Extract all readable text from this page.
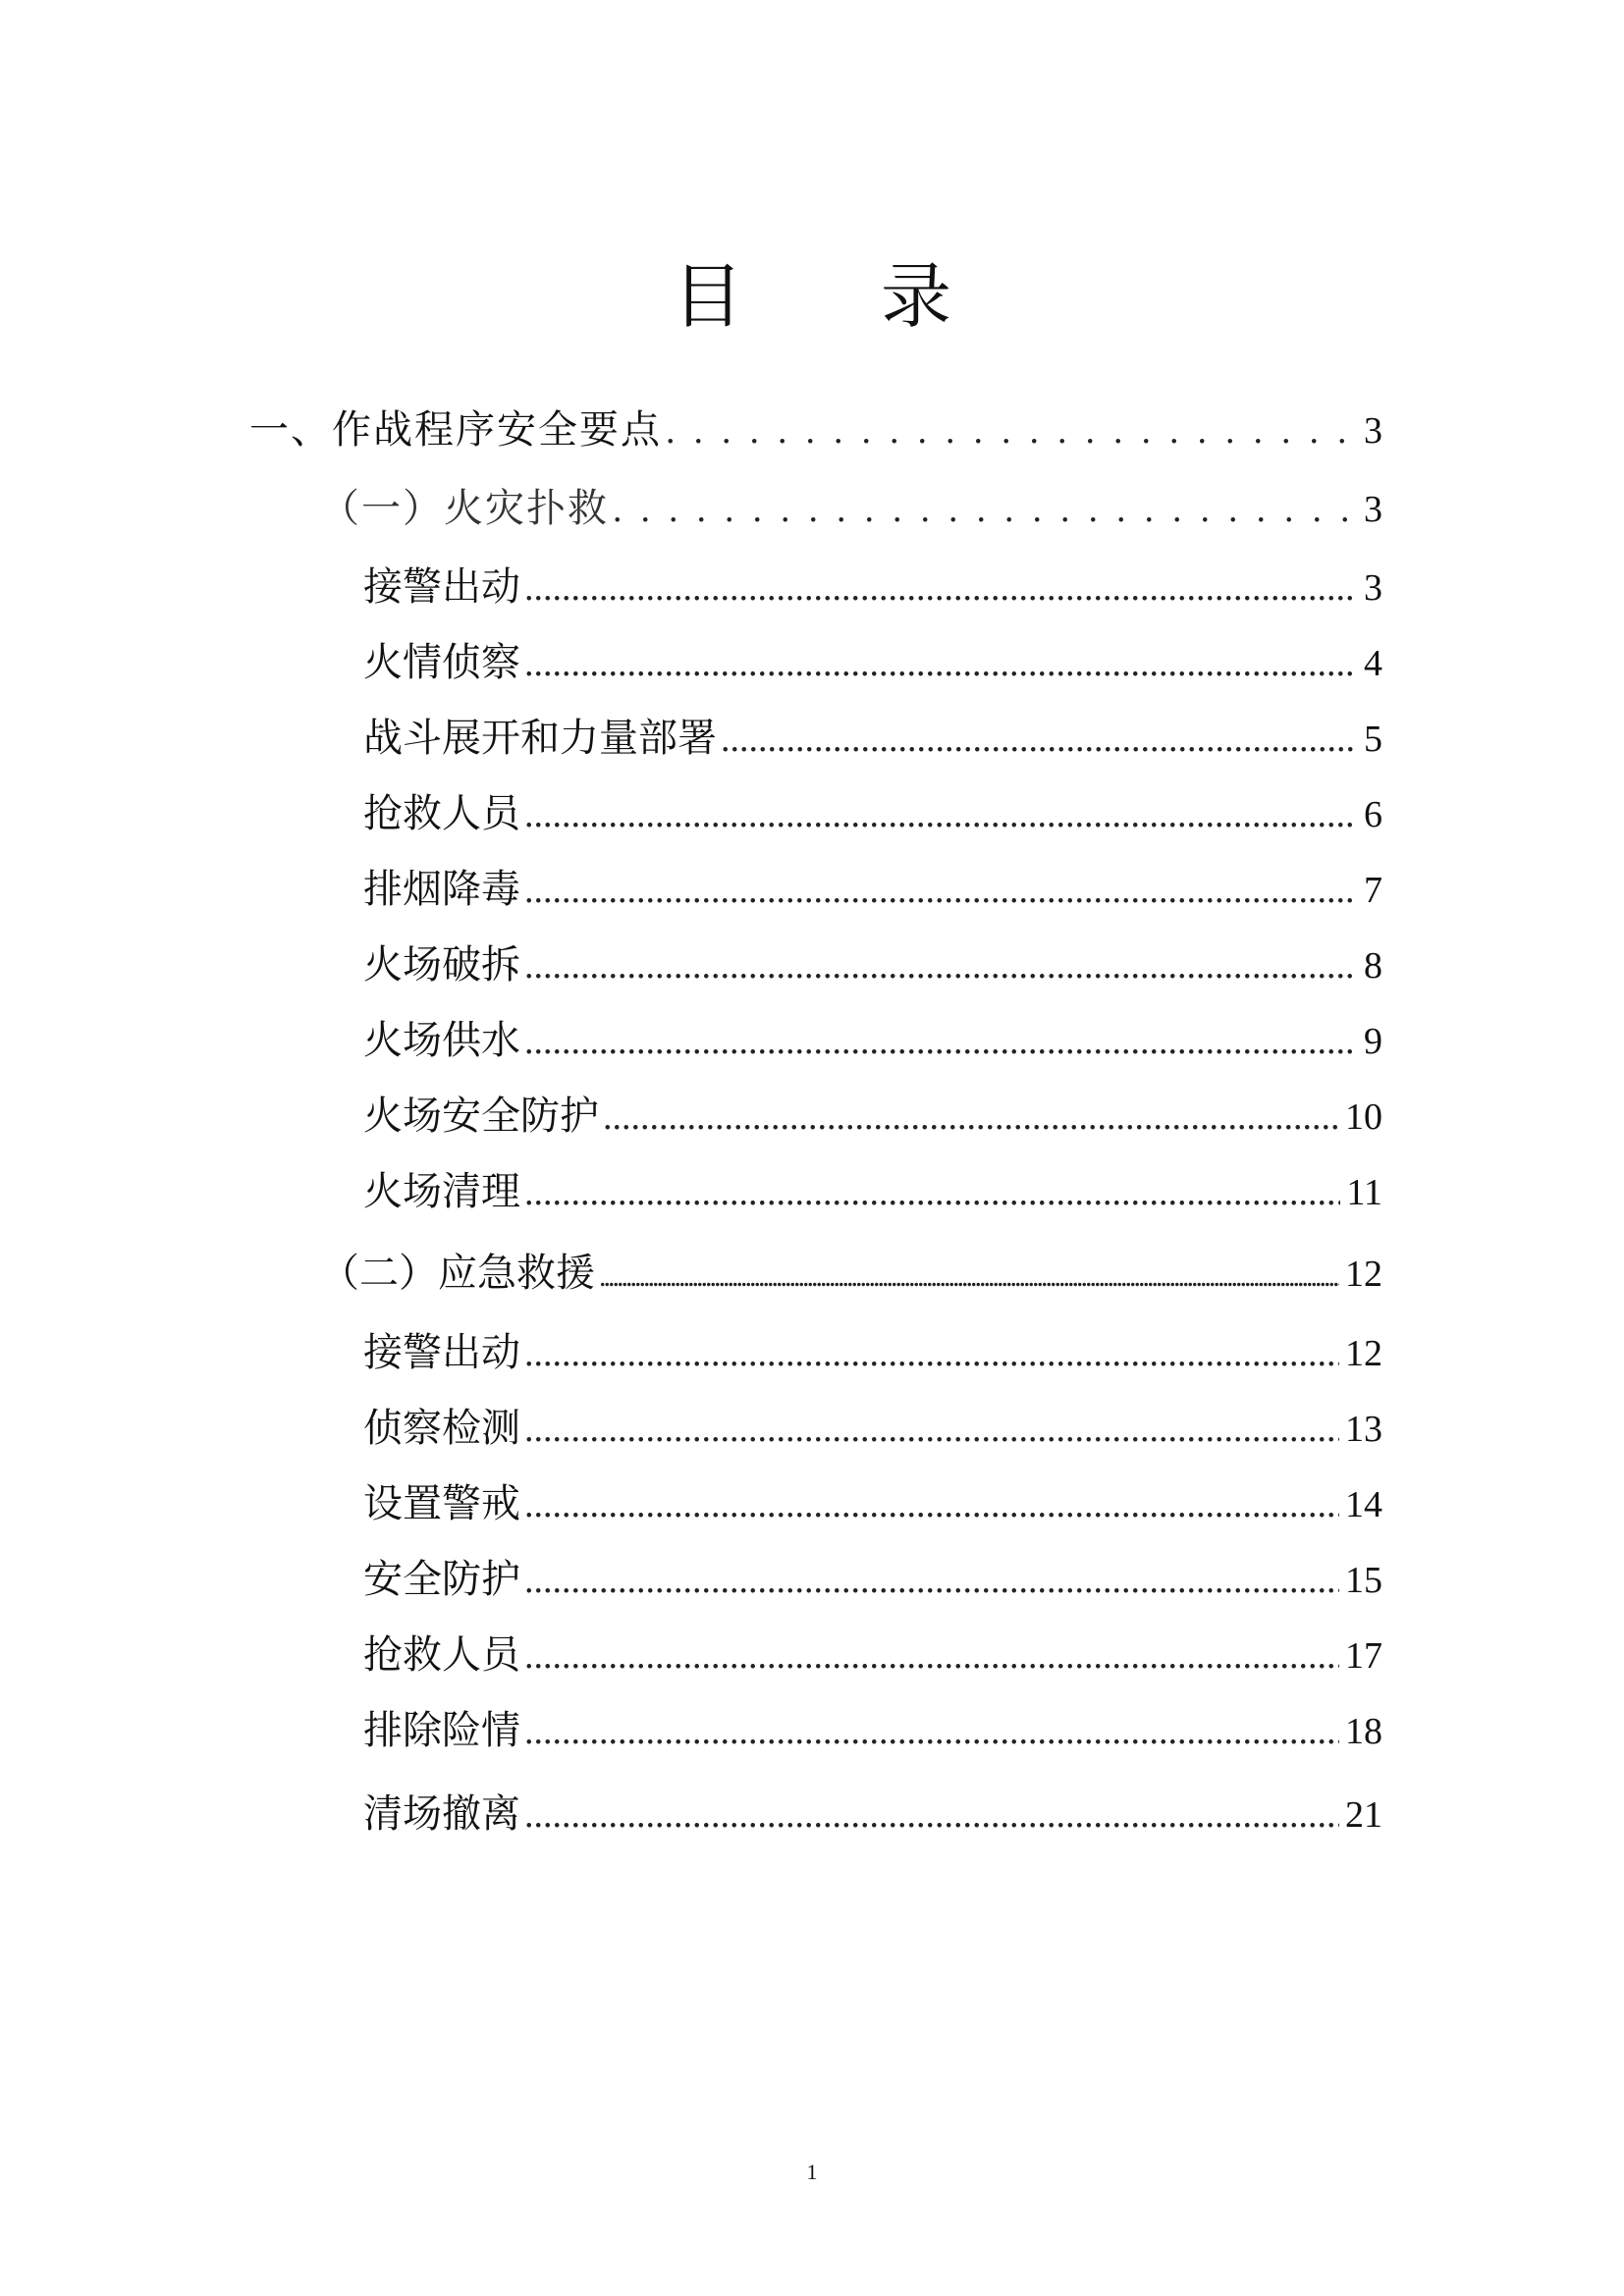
目 录
一、作战程序安全要点 .....	3
（一）火灾扑救 .....	3
接警出动 .....	3
火情侦察 .....	4
战斗展开和力量部署 .....	5
抢救人员 .....	6
排烟降毒 .....	7
火场破拆 .....	8
火场供水 .....	9
火场安全防护 .....	10
火场清理 .....	11
（二）应急救援 .....	12
接警出动 .....	12
侦察检测 .....	13
设置警戒 .....	14
安全防护 .....	15
抢救人员 .....	17
排除险情 .....	18
清场撤离 .....	21
1
